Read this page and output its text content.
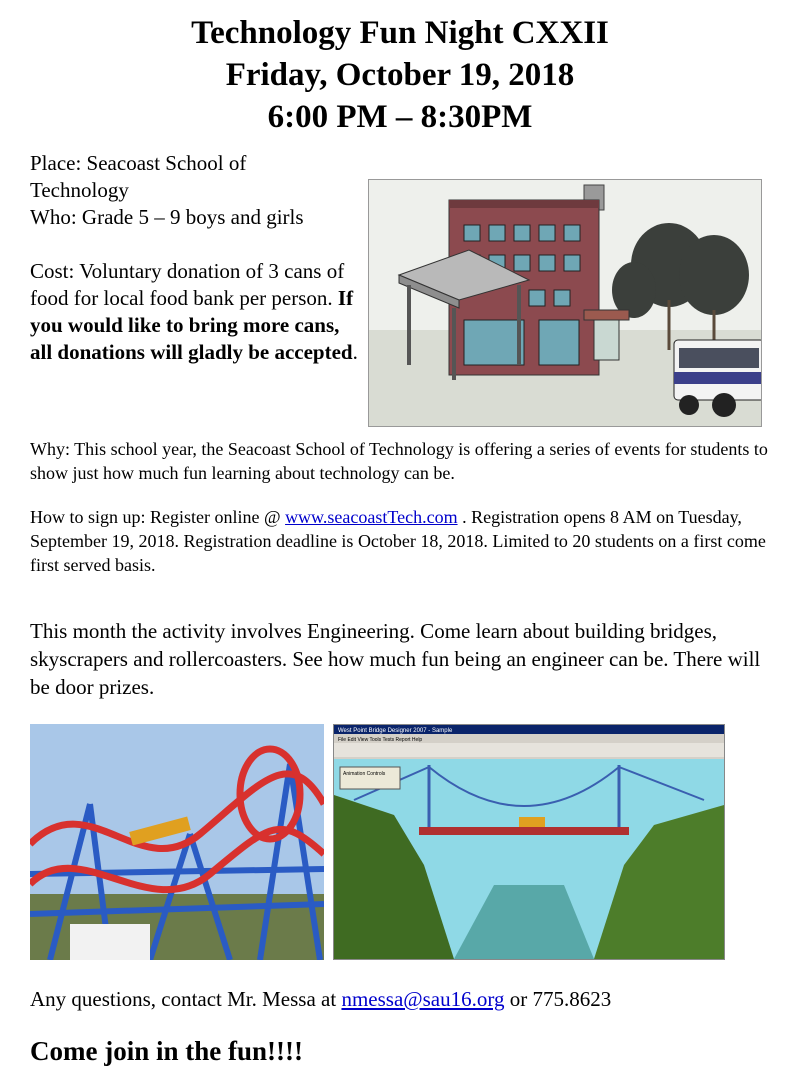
Technology Fun Night CXXII
Friday, October 19, 2018
6:00 PM – 8:30PM

Place: Seacoast School of
Technology

Who: Grade 5 – 9 boys and girls

Cost: Voluntary donation of 3 cans of food for local food bank per person. If you would like to bring more cans, all donations will gladly be accepted.

Why: This school year, the Seacoast School of Technology is offering a series of events for students to show just how much fun learning about technology can be.

How to sign up: Register online @ www.seacoastTech.com . Registration opens 8 AM on Tuesday, September 19, 2018. Registration deadline is October 18, 2018. Limited to 20 students on a first come first served basis.

This month the activity involves Engineering. Come learn about building bridges, skyscrapers and rollercoasters. See how much fun being an engineer can be. There will be door prizes.

West Point Bridge Designer 2007 - Sample
File Edit View Tools Tests Report Help
Animation Controls
Any questions, contact Mr. Messa at nmessa@sau16.org or 775.8623
Come join in the fun!!!!
